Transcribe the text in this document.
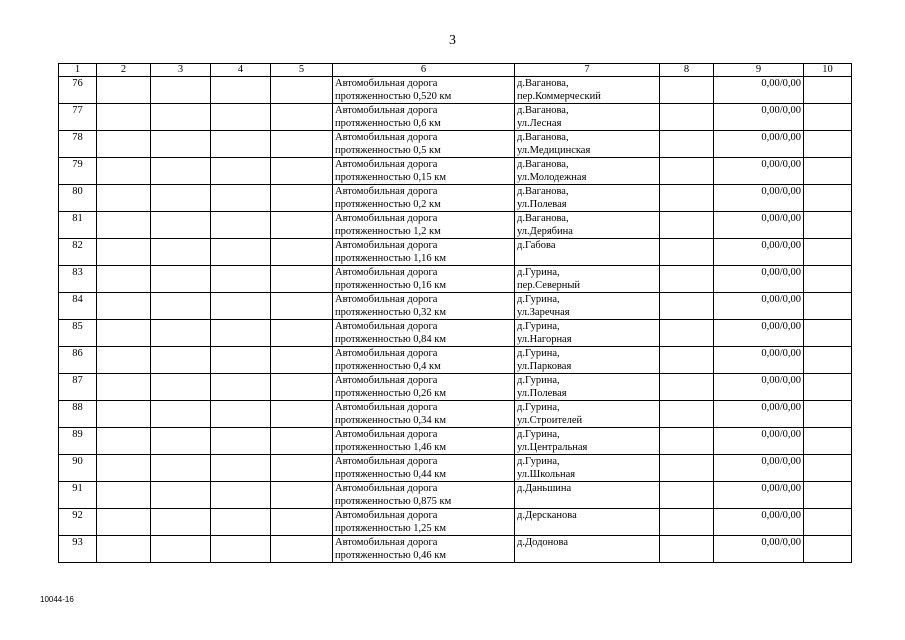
3
1	2	3	4	5	6	7	8	9	10

76					Автомобильная дорога
протяженностью 0,520 км	д.Ваганова,
пер.Коммерческий		0,00/0,00	

77					Автомобильная дорога
протяженностью 0,6 км	д.Ваганова,
ул.Лесная		0,00/0,00	

78					Автомобильная дорога
протяженностью 0,5 км	д.Ваганова,
ул.Медицинская		0,00/0,00	

79					Автомобильная дорога
протяженностью 0,15 км	д.Ваганова,
ул.Молодежная		0,00/0,00	

80					Автомобильная дорога
протяженностью 0,2 км	д.Ваганова,
ул.Полевая		0,00/0,00	

81					Автомобильная дорога
протяженностью 1,2 км	д.Ваганова,
ул.Дерябина		0,00/0,00	

82					Автомобильная дорога
протяженностью 1,16 км	д.Габова		0,00/0,00	

83					Автомобильная дорога
протяженностью 0,16 км	д.Гурина,
пер.Северный		0,00/0,00	

84					Автомобильная дорога
протяженностью 0,32 км	д.Гурина,
ул.Заречная		0,00/0,00	

85					Автомобильная дорога
протяженностью 0,84 км	д.Гурина,
ул.Нагорная		0,00/0,00	

86					Автомобильная дорога
протяженностью 0,4 км	д.Гурина,
ул.Парковая		0,00/0,00	

87					Автомобильная дорога
протяженностью 0,26 км	д.Гурина,
ул.Полевая		0,00/0,00	

88					Автомобильная дорога
протяженностью 0,34 км	д.Гурина,
ул.Строителей		0,00/0,00	

89					Автомобильная дорога
протяженностью 1,46 км	д.Гурина,
ул.Центральная		0,00/0,00	

90					Автомобильная дорога
протяженностью 0,44 км	д.Гурина,
ул.Школьная		0,00/0,00	

91					Автомобильная дорога
протяженностью 0,875 км	д.Даньшина		0,00/0,00	

92					Автомобильная дорога
протяженностью 1,25 км	д.Дерсканова		0,00/0,00	

93					Автомобильная дорога
протяженностью 0,46 км	д.Додонова		0,00/0,00	

10044-16
